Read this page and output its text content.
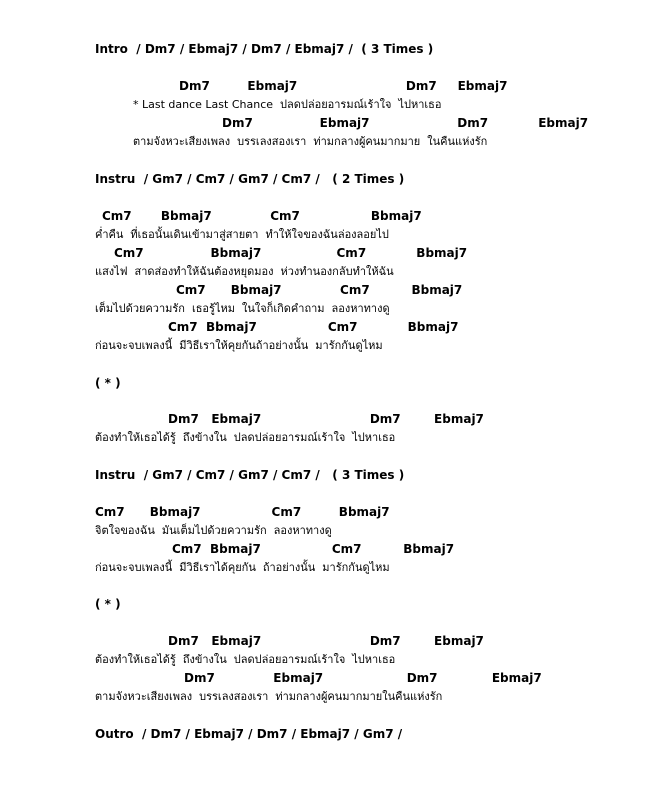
Intro  / Dm7 / Ebmaj7 / Dm7 / Ebmaj7 /  ( 3 Times )
Dm7         Ebmaj7                          Dm7     Ebmaj7
* Last dance Last Chance  ปลดปล่อยอารมณ์เร้าใจ  ไปหาเธอ
Dm7                Ebmaj7                     Dm7            Ebmaj7
ตามจังหวะเสียงเพลง  บรรเลงสองเรา  ท่ามกลางผู้คนมากมาย  ในคืนแห่งรัก
Instru  / Gm7 / Cm7 / Gm7 / Cm7 /   ( 2 Times )
Cm7       Bbmaj7              Cm7                 Bbmaj7
ค่ำคืน  ที่เธอนั้นเดินเข้ามาสู่สายตา  ทำให้ใจของฉันล่องลอยไป
Cm7                Bbmaj7                  Cm7            Bbmaj7
แสงไฟ  สาดส่องทำให้ฉันต้องหยุดมอง  ห่วงทำนองกลับทำให้ฉัน
Cm7      Bbmaj7              Cm7          Bbmaj7
เต็มไปด้วยความรัก  เธอรู้ไหม  ในใจก็เกิดคำถาม  ลองหาทางดู
Cm7  Bbmaj7                 Cm7            Bbmaj7
ก่อนจะจบเพลงนี้  มีวิธีเราให้คุยกันถ้าอย่างนั้น  มารักกันดูไหม
( * )
Dm7   Ebmaj7                          Dm7        Ebmaj7
ต้องทำให้เธอได้รู้  ถึงข้างใน  ปลดปล่อยอารมณ์เร้าใจ  ไปหาเธอ
Instru  / Gm7 / Cm7 / Gm7 / Cm7 /   ( 3 Times )
Cm7      Bbmaj7                 Cm7         Bbmaj7
จิตใจของฉัน  มันเต็มไปด้วยความรัก  ลองหาทางดู
Cm7  Bbmaj7                 Cm7          Bbmaj7
ก่อนจะจบเพลงนี้  มีวิธีเราได้คุยกัน  ถ้าอย่างนั้น  มารักกันดูไหม
( * )
Dm7   Ebmaj7                          Dm7        Ebmaj7
ต้องทำให้เธอได้รู้  ถึงข้างใน  ปลดปล่อยอารมณ์เร้าใจ  ไปหาเธอ
Dm7              Ebmaj7                    Dm7             Ebmaj7
ตามจังหวะเสียงเพลง  บรรเลงสองเรา  ท่ามกลางผู้คนมากมายในคืนแห่งรัก
Outro  / Dm7 / Ebmaj7 / Dm7 / Ebmaj7 / Gm7 /
